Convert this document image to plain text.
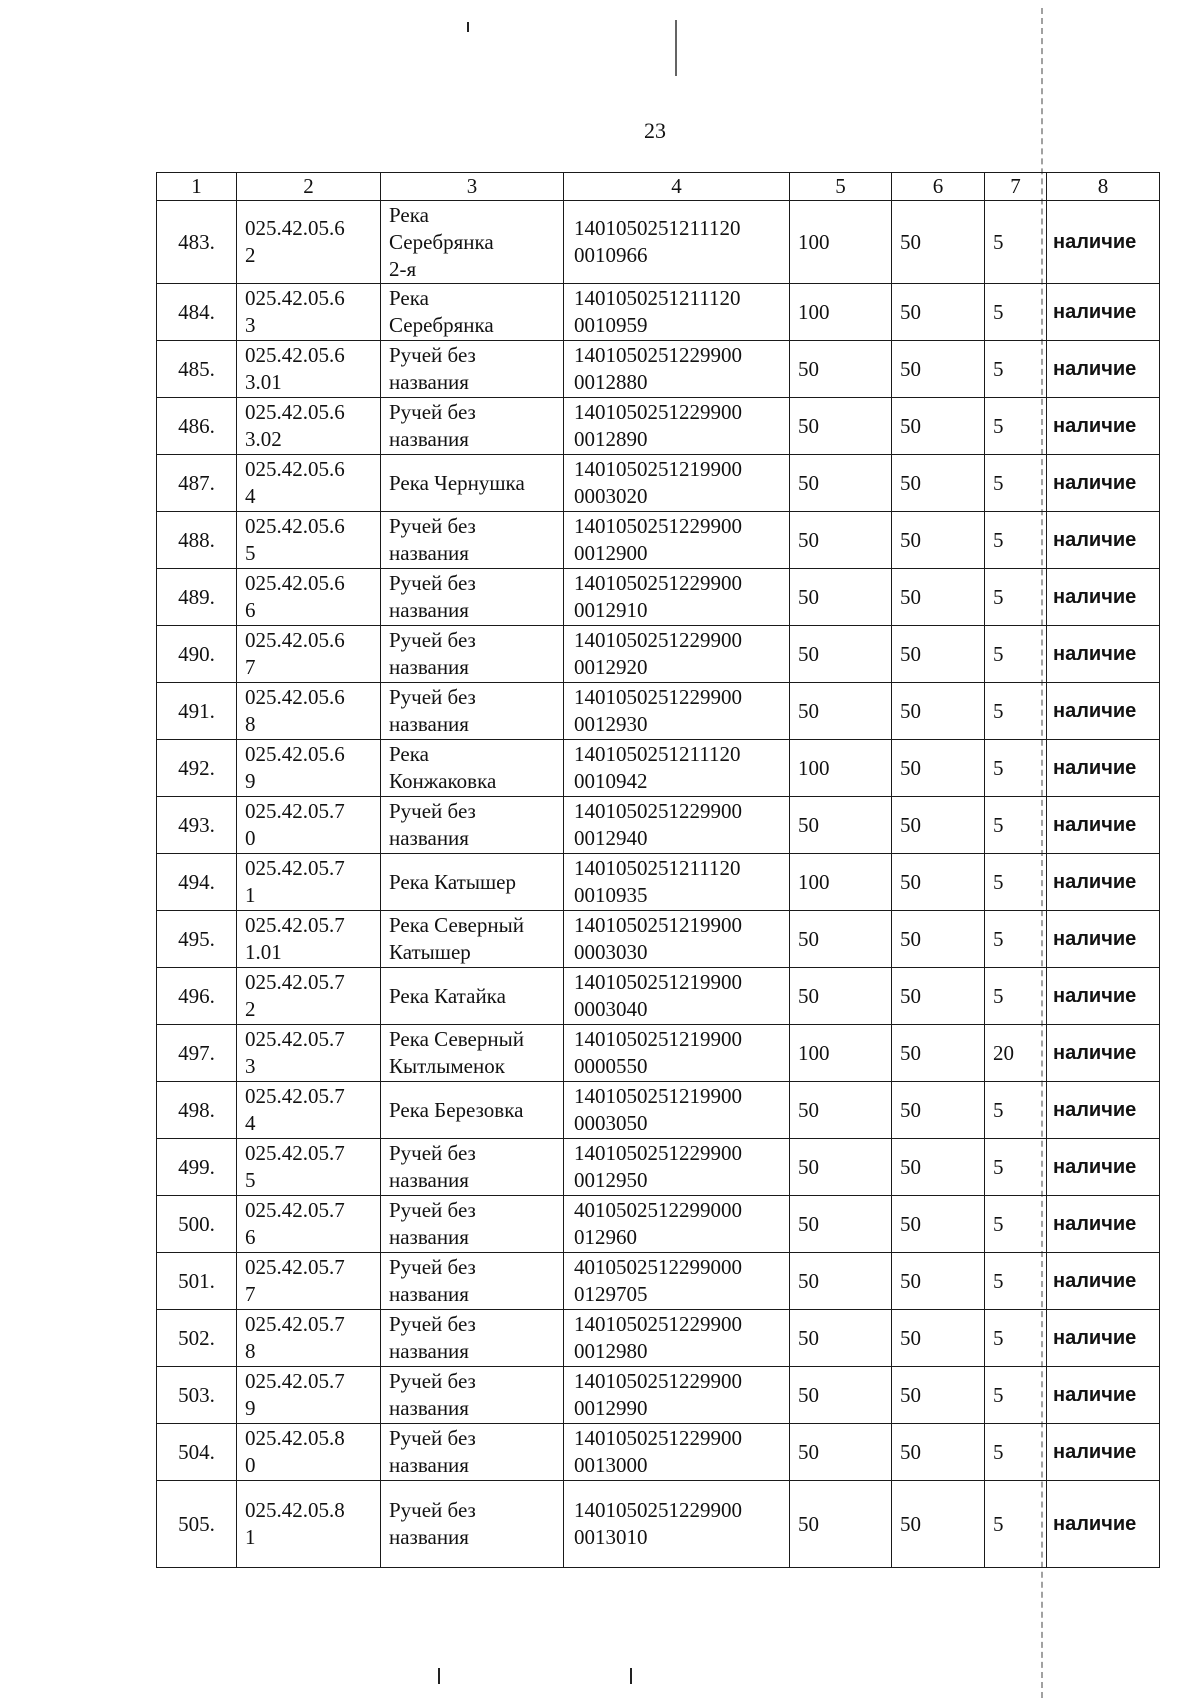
23
1	2	3	4	5	6	7	8
483.	025.42.05.6
2	Река
Серебрянка
2-я	1401050251211120
0010966	100	50	5	наличие
484.	025.42.05.6
3	Река
Серебрянка	1401050251211120
0010959	100	50	5	наличие
485.	025.42.05.6
3.01	Ручей без
названия	1401050251229900
0012880	50	50	5	наличие
486.	025.42.05.6
3.02	Ручей без
названия	1401050251229900
0012890	50	50	5	наличие
487.	025.42.05.6
4	Река Чернушка	1401050251219900
0003020	50	50	5	наличие
488.	025.42.05.6
5	Ручей без
названия	1401050251229900
0012900	50	50	5	наличие
489.	025.42.05.6
6	Ручей без
названия	1401050251229900
0012910	50	50	5	наличие
490.	025.42.05.6
7	Ручей без
названия	1401050251229900
0012920	50	50	5	наличие
491.	025.42.05.6
8	Ручей без
названия	1401050251229900
0012930	50	50	5	наличие
492.	025.42.05.6
9	Река
Конжаковка	1401050251211120
0010942	100	50	5	наличие
493.	025.42.05.7
0	Ручей без
названия	1401050251229900
0012940	50	50	5	наличие
494.	025.42.05.7
1	Река Катышер	1401050251211120
0010935	100	50	5	наличие
495.	025.42.05.7
1.01	Река Северный
Катышер	1401050251219900
0003030	50	50	5	наличие
496.	025.42.05.7
2	Река Катайка	1401050251219900
0003040	50	50	5	наличие
497.	025.42.05.7
3	Река Северный
Кытлыменок	1401050251219900
0000550	100	50	20	наличие
498.	025.42.05.7
4	Река Березовка	1401050251219900
0003050	50	50	5	наличие
499.	025.42.05.7
5	Ручей без
названия	1401050251229900
0012950	50	50	5	наличие
500.	025.42.05.7
6	Ручей без
названия	4010502512299000
012960	50	50	5	наличие
501.	025.42.05.7
7	Ручей без
названия	4010502512299000
0129705	50	50	5	наличие
502.	025.42.05.7
8	Ручей без
названия	1401050251229900
0012980	50	50	5	наличие
503.	025.42.05.7
9	Ручей без
названия	1401050251229900
0012990	50	50	5	наличие
504.	025.42.05.8
0	Ручей без
названия	1401050251229900
0013000	50	50	5	наличие
505.	025.42.05.8
1	Ручей без
названия	1401050251229900
0013010	50	50	5	наличие
